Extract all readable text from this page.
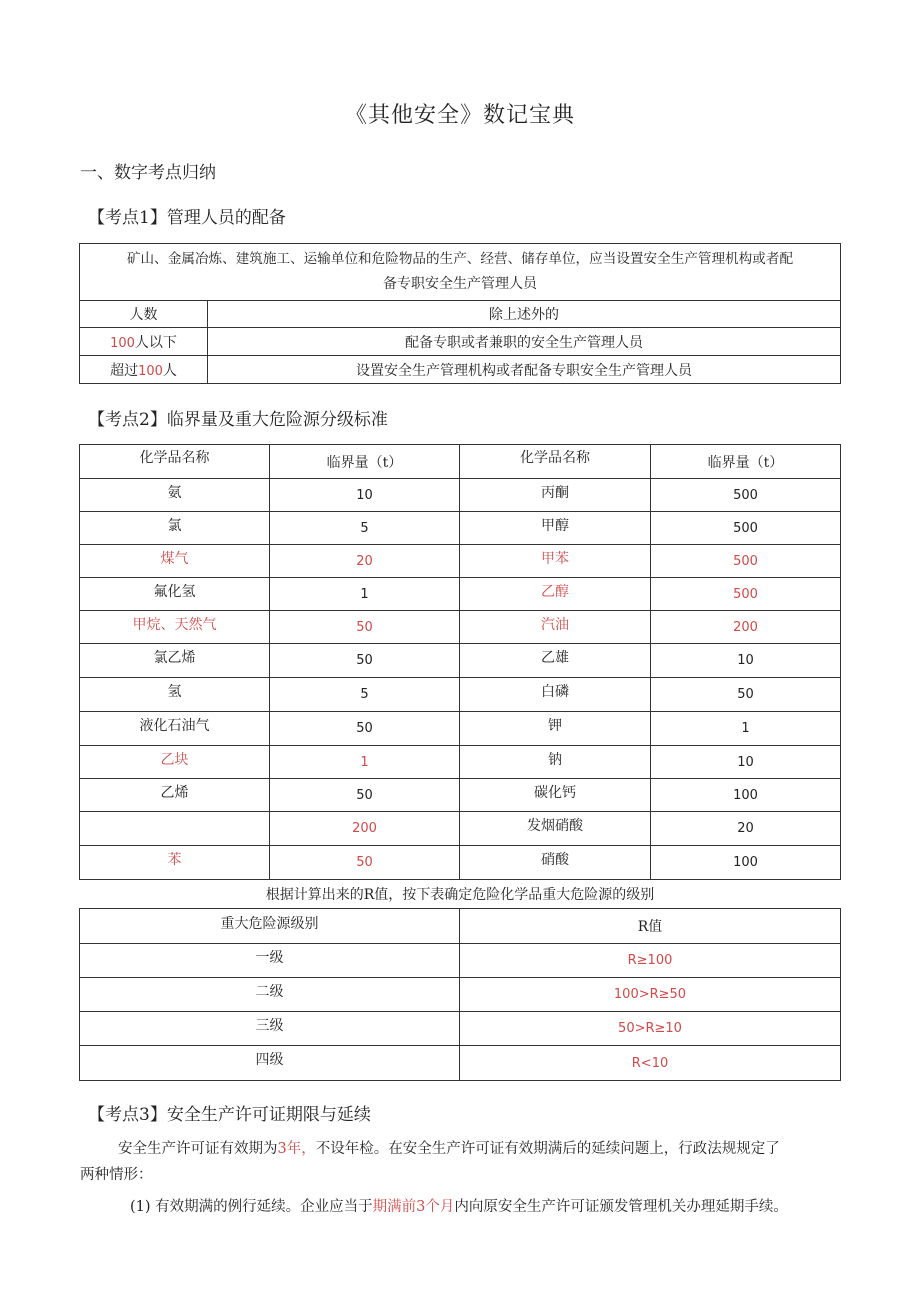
《其他安全》数记宝典
一、数字考点归纳
【考点1】管理人员的配备
矿山、金属冶炼、建筑施工、运输单位和危险物品的生产、经营、储存单位，应当设置安全生产管理机构或者配
备专职安全生产管理人员	

人数	除上述外的
100人以下	配备专职或者兼职的安全生产管理人员
超过100人	设置安全生产管理机构或者配备专职安全生产管理人员
【考点2】临界量及重大危险源分级标准
化学品名称	临界量（t）	化学品名称	临界量（t）
氨	10	丙酮	500
氯	5	甲醇	500
煤气	20	甲苯	500
氟化氢	1	乙醇	500
甲烷、天然气	50	汽油	200
氯乙烯	50	乙雄	10
氢	5	白磷	50
液化石油气	50	钾	1
乙块	1	钠	10
乙烯	50	碳化钙	100
	200	发烟硝酸	20
苯	50	硝酸	100
根据计算出来的R值，按下表确定危险化学品重大危险源的级别
重大危险源级别	R值
一级	R≥100
二级	100>R≥50
三级	50>R≥10
四级	R<10
【考点3】安全生产许可证期限与延续
安全生产许可证有效期为3年，不设年检。在安全生产许可证有效期满后的延续问题上，行政法规规定了
两种情形：
(1) 有效期满的例行延续。企业应当于期满前3个月内向原安全生产许可证颁发管理机关办理延期手续。
